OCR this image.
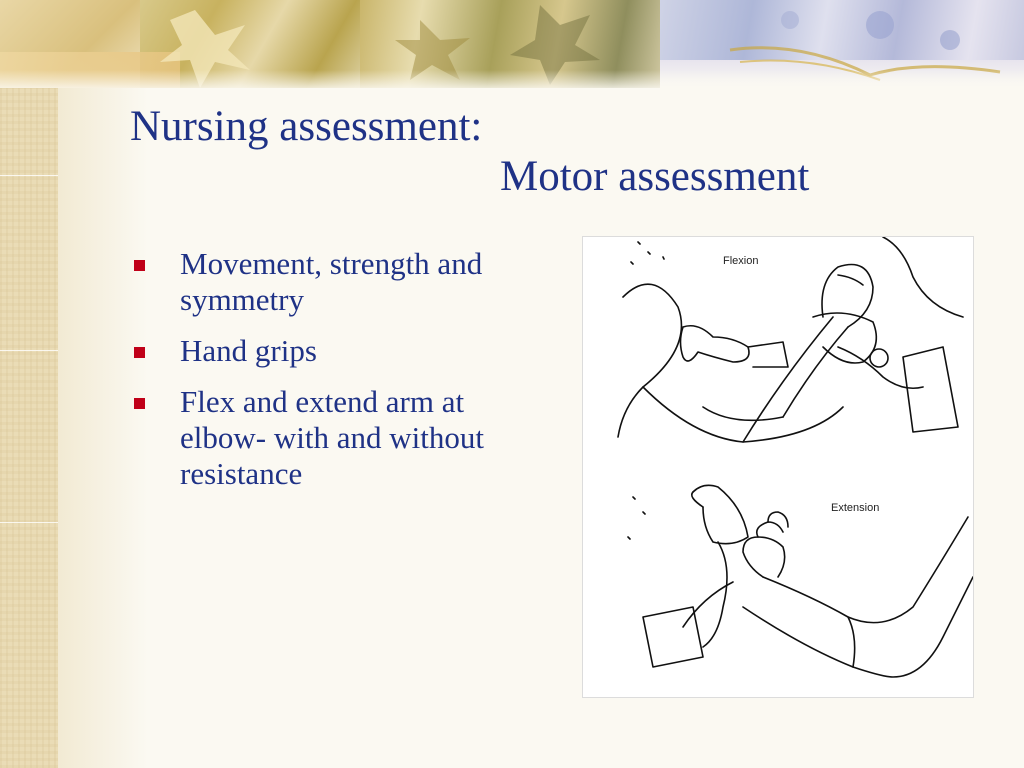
Nursing assessment:
Motor assessment
Movement, strength and symmetry
Hand grips
Flex and extend arm at elbow- with and without resistance
Flexion
Extension
